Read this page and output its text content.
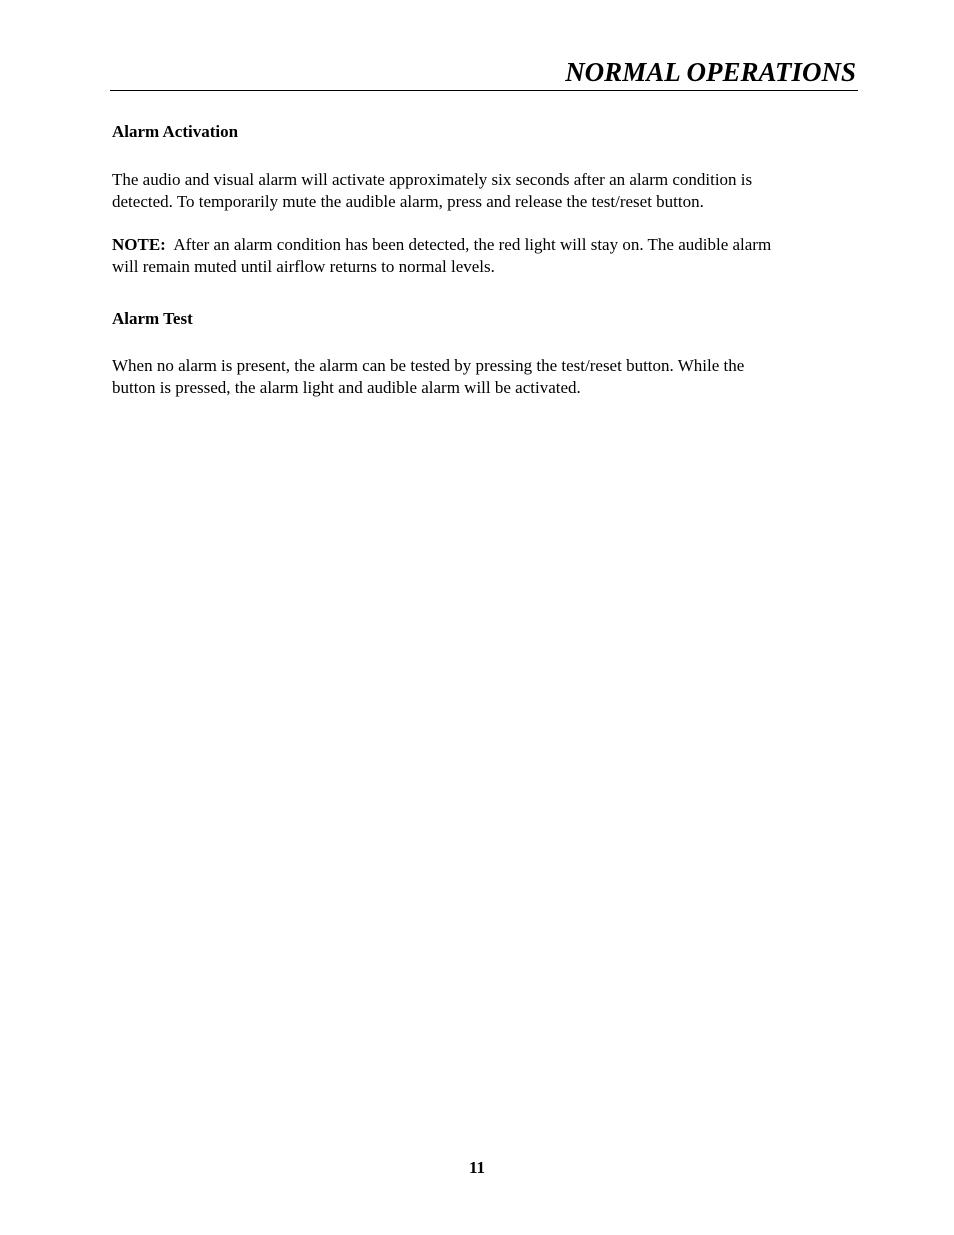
NORMAL OPERATIONS
Alarm Activation

The audio and visual alarm will activate approximately six seconds after an alarm condition is
detected. To temporarily mute the audible alarm, press and release the test/reset button.

NOTE: After an alarm condition has been detected, the red light will stay on. The audible alarm
will remain muted until airflow returns to normal levels.

Alarm Test

When no alarm is present, the alarm can be tested by pressing the test/reset button. While the
button is pressed, the alarm light and audible alarm will be activated.

11
